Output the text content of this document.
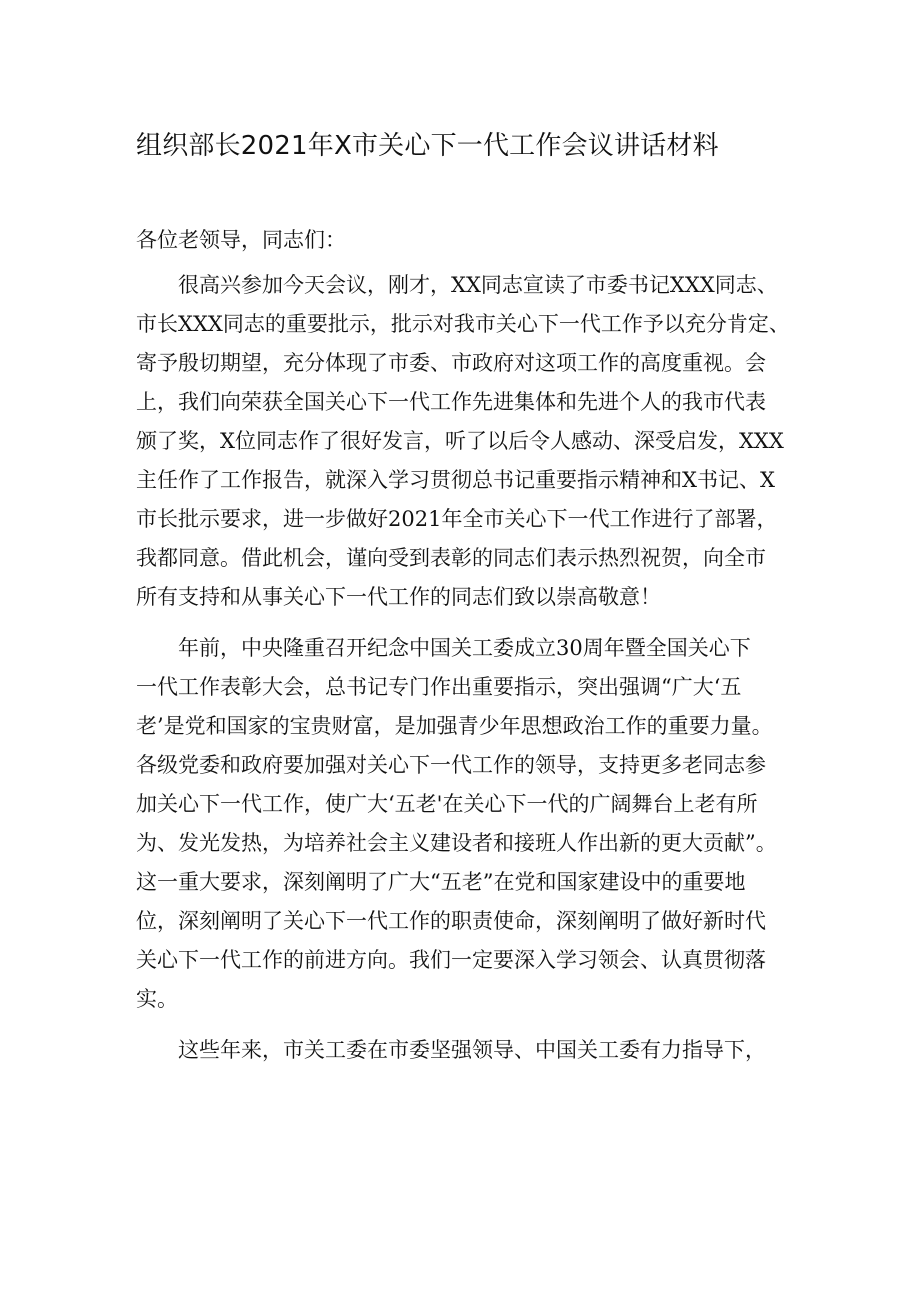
组织部长2021年X市关心下一代工作会议讲话材料
各位老领导，同志们：
很高兴参加今天会议，刚才，XX同志宣读了市委书记XXX同志、
市长XXX同志的重要批示，批示对我市关心下一代工作予以充分肯定、
寄予殷切期望，充分体现了市委、市政府对这项工作的高度重视。会
上，我们向荣获全国关心下一代工作先进集体和先进个人的我市代表
颁了奖，X位同志作了很好发言，听了以后令人感动、深受启发，XXX
主任作了工作报告，就深入学习贯彻总书记重要指示精神和X书记、X
市长批示要求，进一步做好2021年全市关心下一代工作进行了部署，
我都同意。借此机会，谨向受到表彰的同志们表示热烈祝贺，向全市
所有支持和从事关心下一代工作的同志们致以崇高敬意！
年前，中央隆重召开纪念中国关工委成立30周年暨全国关心下
一代工作表彰大会，总书记专门作出重要指示，突出强调“广大‘五
老’是党和国家的宝贵财富，是加强青少年思想政治工作的重要力量。
各级党委和政府要加强对关心下一代工作的领导，支持更多老同志参
加关心下一代工作，使广大‘五老'在关心下一代的广阔舞台上老有所
为、发光发热，为培养社会主义建设者和接班人作出新的更大贡献”。
这一重大要求，深刻阐明了广大“五老”在党和国家建设中的重要地
位，深刻阐明了关心下一代工作的职责使命，深刻阐明了做好新时代
关心下一代工作的前进方向。我们一定要深入学习领会、认真贯彻落
实。
这些年来，市关工委在市委坚强领导、中国关工委有力指导下，
